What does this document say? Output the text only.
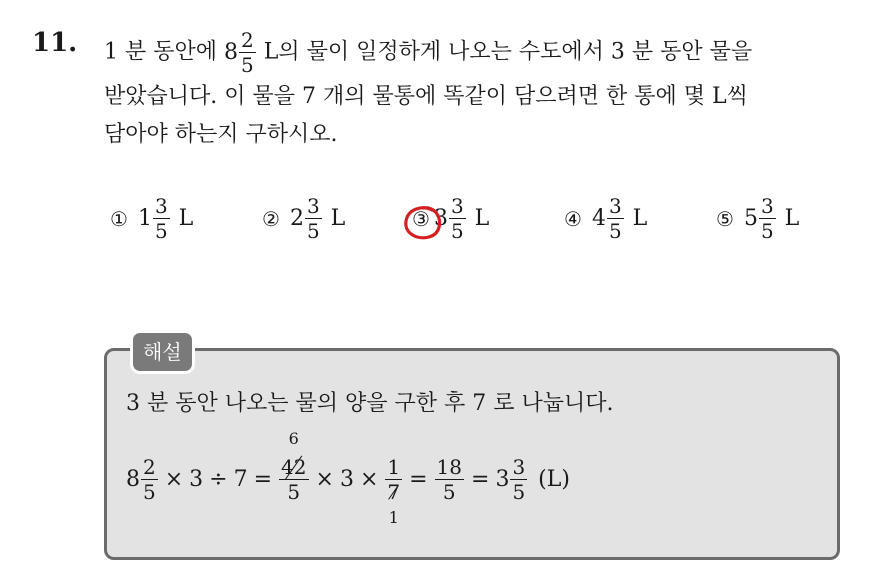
11. 1 분 동안에 $8 \frac{2}{5}$ L의 물이 일정하게 나오는 수도에서 3 분 동안 물을
받았습니다. 이 물을 7 개의 물통에 똑같이 담으려면 한 통에 몇 L씩
담아야 하는지 구하시오.
① $1 \frac{3}{5}$ L	② $2 \frac{3}{5}$ L	③ $3 \frac{3}{5}$ L	④ $4 \frac{3}{5}$ L	⑤ $5 \frac{3}{5}$ L
해설
3 분 동안 나오는 물의 양을 구한 후 7 로 나눕니다.
$8 \frac{2}{5} \times 3 \div 7 = 6$
42
5 × 3 × 1
7
$1 = \frac{18}{5} = 3 \frac{3}{5} (L)$
